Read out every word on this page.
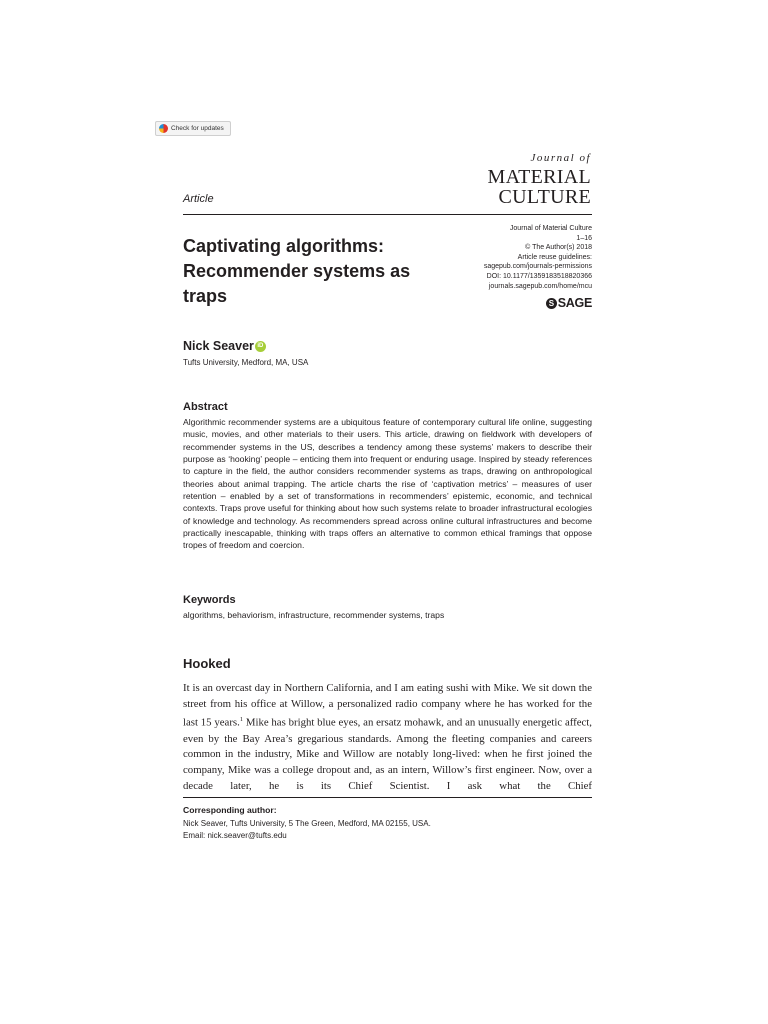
Check for updates
Journal of
MATERIAL
CULTURE
Article
Captivating algorithms: Recommender systems as traps
Journal of Material Culture
1–16
© The Author(s) 2018
Article reuse guidelines:
sagepub.com/journals-permissions
DOI: 10.1177/1359183518820366
journals.sagepub.com/home/mcu
S SAGE
Nick Seaver iD
Tufts University, Medford, MA, USA
Abstract
Algorithmic recommender systems are a ubiquitous feature of contemporary cultural life online, suggesting music, movies, and other materials to their users. This article, drawing on fieldwork with developers of recommender systems in the US, describes a tendency among these systems’ makers to describe their purpose as ‘hooking’ people – enticing them into frequent or enduring usage. Inspired by steady references to capture in the field, the author considers recommender systems as traps, drawing on anthropological theories about animal trapping. The article charts the rise of ‘captivation metrics’ – measures of user retention – enabled by a set of transformations in recommenders’ epistemic, economic, and technical contexts. Traps prove useful for thinking about how such systems relate to broader infrastructural ecologies of knowledge and technology. As recommenders spread across online cultural infrastructures and become practically inescapable, thinking with traps offers an alternative to common ethical framings that oppose tropes of freedom and coercion.
Keywords
algorithms, behaviorism, infrastructure, recommender systems, traps
Hooked
It is an overcast day in Northern California, and I am eating sushi with Mike. We sit down the street from his office at Willow, a personalized radio company where he has worked for the last 15 years.$^1$ Mike has bright blue eyes, an ersatz mohawk, and an unusually energetic affect, even by the Bay Area’s gregarious standards. Among the fleeting companies and careers common in the industry, Mike and Willow are notably long-lived: when he first joined the company, Mike was a college dropout and, as an intern, Willow’s first engineer. Now, over a decade later, he is its Chief Scientist. I ask what the Chief
Corresponding author:
Nick Seaver, Tufts University, 5 The Green, Medford, MA 02155, USA.
Email: nick.seaver@tufts.edu
